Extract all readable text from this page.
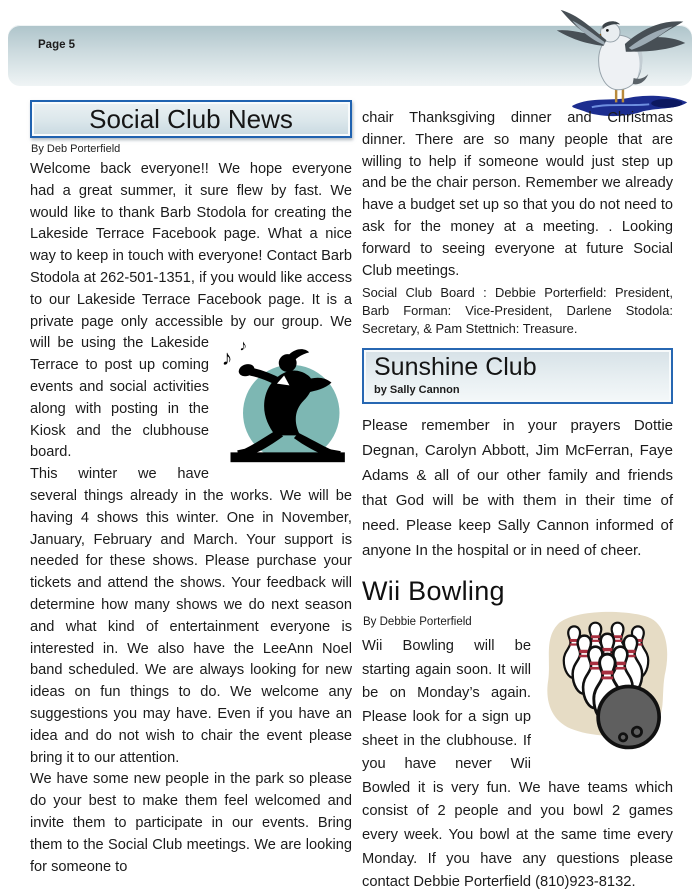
Page 5
Social Club News
By Deb Porterfield

Welcome back everyone!! We hope everyone had a great summer, it sure flew by fast. We would like to thank Barb Stodola for creating the Lakeside Terrace Facebook page. What a nice way to keep in touch with everyone! Contact Barb Stodola at 262-501-1351, if you would like access to our Lakeside Terrace Facebook page. It is a private page only accessible by our group.
♪ ♪
We will be using the Lakeside Terrace to post up coming events and social activities along with posting in the Kiosk and the clubhouse board.

This winter we have several things already in the works. We will be having 4 shows this winter. One in November, January, February and March. Your support is needed for these shows. Please purchase your tickets and attend the shows. Your feedback will determine how many shows we do next season and what kind of entertainment everyone is interested in. We also have the LeeAnn Noel band scheduled. We are always looking for new ideas on fun things to do. We welcome any suggestions you may have. Even if you have an idea and do not wish to chair the event please bring it to our attention.

We have some new people in the park so please do your best to make them feel welcomed and invite them to participate in our events. Bring them to the Social Club meetings. We are looking for someone to

chair Thanksgiving dinner and Christmas dinner. There are so many people that are willing to help if someone would just step up and be the chair person. Remember we already have a budget set up so that you do not need to ask for the money at a meeting. . Looking forward to seeing everyone at future Social Club meetings.

Social Club Board : Debbie Porterfield: President, Barb Forman: Vice-President, Darlene Stodola: Secretary, & Pam Stettnich: Treasure.

Sunshine Club
by Sally Cannon

Please remember in your prayers Dottie Degnan, Carolyn Abbott, Jim McFerran, Faye Adams & all of our other family and friends that God will be with them in their time of need. Please keep Sally Cannon informed of anyone In the hospital or in need of cheer.

Wii Bowling
By Debbie Porterfield

Wii Bowling will be starting again soon. It will be on Monday’s again. Please look for a sign up sheet in the clubhouse. If you have never Wii Bowled it is very fun. We have teams which consist of 2 people and you bowl 2 games every week. You bowl at the same time every Monday. If you have any questions please contact Debbie Porterfield (810)923-8132.
